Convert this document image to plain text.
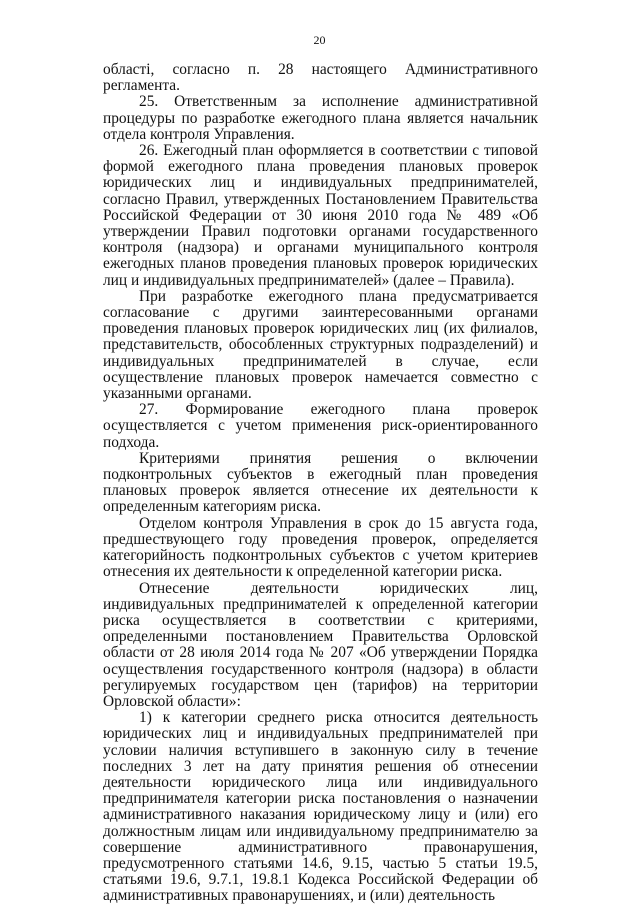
20

областi, согласно п. 28 настоящего Административного регламента.

25. Ответственным за исполнение административной процедуры по разработке ежегодного плана является начальник отдела контроля Управления.

26. Ежегодный план оформляется в соответствии с типовой формой ежегодного плана проведения плановых проверок юридических лиц и индивидуальных предпринимателей, согласно Правил, утвержденных Постановлением Правительства Российской Федерации от 30 июня 2010 года № 489 «Об утверждении Правил подготовки органами государственного контроля (надзора) и органами муниципального контроля ежегодных планов проведения плановых проверок юридических лиц и индивидуальных предпринимателей» (далее – Правила).

При разработке ежегодного плана предусматривается согласование с другими заинтересованными органами проведения плановых проверок юридических лиц (их филиалов, представительств, обособленных структурных подразделений) и индивидуальных предпринимателей в случае, если осуществление плановых проверок намечается совместно с указанными органами.

27. Формирование ежегодного плана проверок осуществляется с учетом применения риск-ориентированного подхода.

Критериями принятия решения о включении подконтрольных субъектов в ежегодный план проведения плановых проверок является отнесение их деятельности к определенным категориям риска.

Отделом контроля Управления в срок до 15 августа года, предшествующего году проведения проверок, определяется категорийность подконтрольных субъектов с учетом критериев отнесения их деятельности к определенной категории риска.

Отнесение деятельности юридических лиц, индивидуальных предпринимателей к определенной категории риска осуществляется в соответствии с критериями, определенными постановлением Правительства Орловской области от 28 июля 2014 года № 207 «Об утверждении Порядка осуществления государственного контроля (надзора) в области регулируемых государством цен (тарифов) на территории Орловской области»:

1) к категории среднего риска относится деятельность юридических лиц и индивидуальных предпринимателей при условии наличия вступившего в законную силу в течение последних 3 лет на дату принятия решения об отнесении деятельности юридического лица или индивидуального предпринимателя категории риска постановления о назначении административного наказания юридическому лицу и (или) его должностным лицам или индивидуальному предпринимателю за совершение административного правонарушения, предусмотренного статьями 14.6, 9.15, частью 5 статьи 19.5, статьями 19.6, 9.7.1, 19.8.1 Кодекса Российской Федерации об административных правонарушениях, и (или) деятельность
